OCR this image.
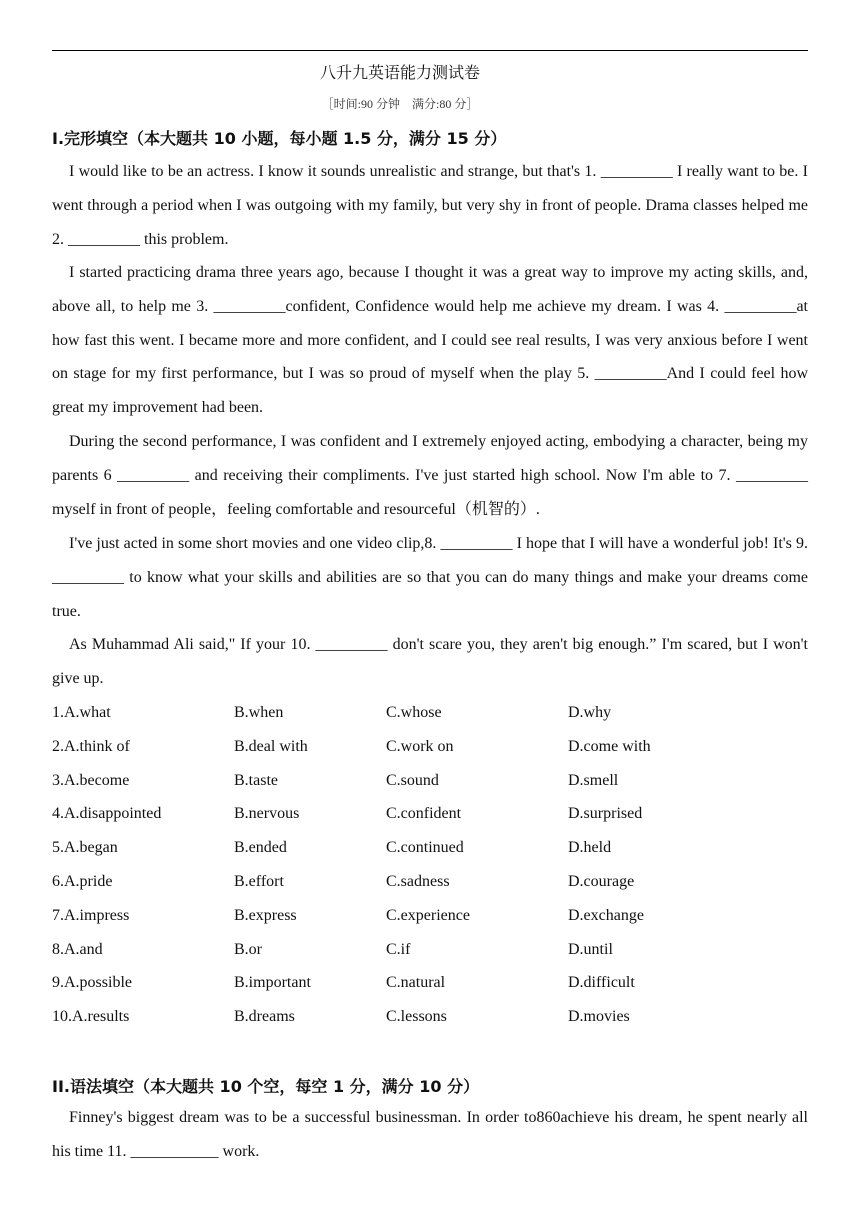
八升九英语能力测试卷
［时间:90 分钟　满分:80 分］
I.完形填空（本大题共 10 小题，每小题 1.5 分，满分 15 分）
I would like to be an actress. I know it sounds unrealistic and strange, but that's 1. _________ I really want to be. I went through a period when I was outgoing with my family, but very shy in front of people. Drama classes helped me 2. _________ this problem.
I started practicing drama three years ago, because I thought it was a great way to improve my acting skills, and, above all, to help me 3. _________confident, Confidence would help me achieve my dream. I was 4. _________at how fast this went. I became more and more confident, and I could see real results, I was very anxious before I went on stage for my first performance, but I was so proud of myself when the play 5. _________And I could feel how great my improvement had been.
During the second performance, I was confident and I extremely enjoyed acting, embodying a character, being my parents 6 _________ and receiving their compliments. I've just started high school. Now I'm able to 7. _________ myself in front of people，feeling comfortable and resourceful（机智的）.
I've just acted in some short movies and one video clip,8. _________ I hope that I will have a wonderful job! It's 9. _________ to know what your skills and abilities are so that you can do many things and make your dreams come true.
As Muhammad Ali said," If your 10. _________ don't scare you, they aren't big enough.” I'm scared, but I won't give up.
1.A.what	B.when	C.whose	D.why
2.A.think of	B.deal with	C.work on	D.come with
3.A.become	B.taste	C.sound	D.smell
4.A.disappointed	B.nervous	C.confident	D.surprised
5.A.began	B.ended	C.continued	D.held
6.A.pride	B.effort	C.sadness	D.courage
7.A.impress	B.express	C.experience	D.exchange
8.A.and	B.or	C.if	D.until
9.A.possible	B.important	C.natural	D.difficult
10.A.results	B.dreams	C.lessons	D.movies
II.语法填空（本大题共 10 个空，每空 1 分，满分 10 分）
Finney's biggest dream was to be a successful businessman. In order to860achieve his dream, he spent nearly all his time 11. ___________ work.
